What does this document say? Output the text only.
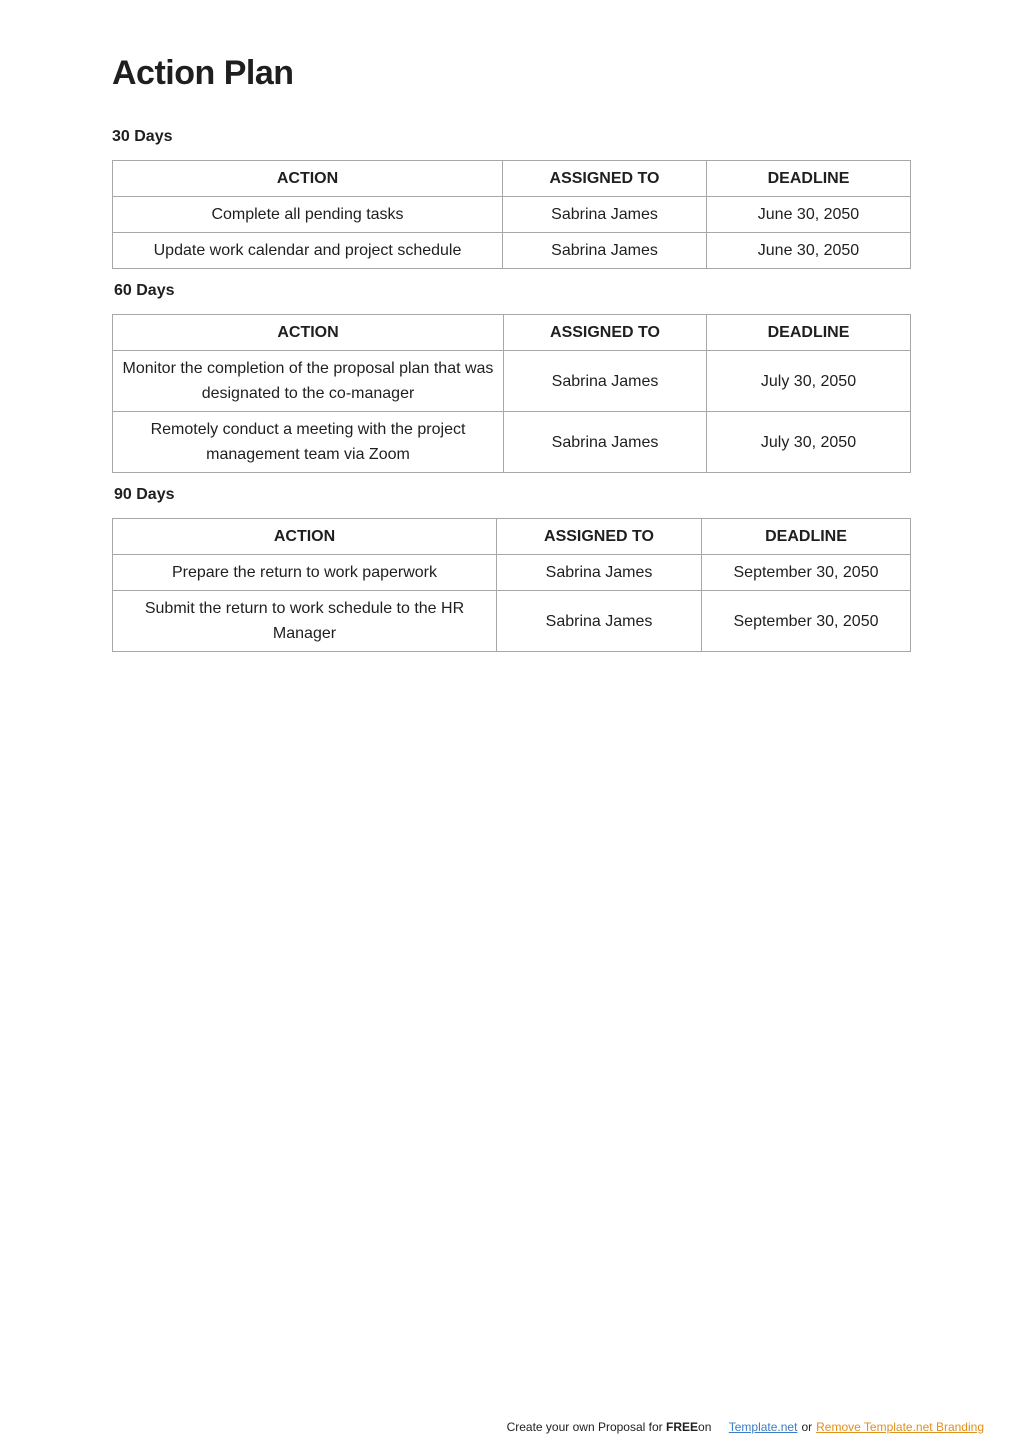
Action Plan
30 Days
ACTION	ASSIGNED TO	DEADLINE
Complete all pending tasks	Sabrina James	June 30, 2050
Update work calendar and project schedule	Sabrina James	June 30, 2050
60 Days
ACTION	ASSIGNED TO	DEADLINE
Monitor the completion of the proposal plan that was designated to the co-manager	Sabrina James	July 30, 2050
Remotely conduct a meeting with the project management team via Zoom	Sabrina James	July 30, 2050
90 Days
ACTION	ASSIGNED TO	DEADLINE
Prepare the return to work paperwork	Sabrina James	September 30, 2050
Submit the return to work schedule to the HR Manager	Sabrina James	September 30, 2050
Create your own Proposal for FREEon Template.net or Remove Template.net Branding
